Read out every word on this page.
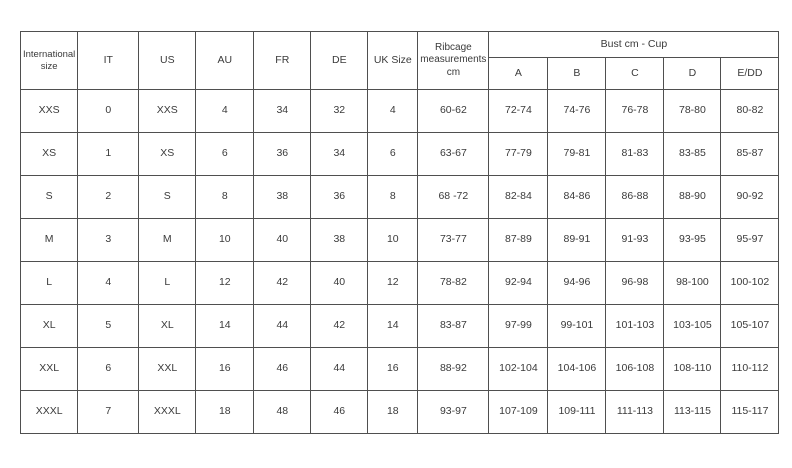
International size	IT	US	AU	FR	DE	UK Size	Ribcage measurements cm	Bust cm - Cup				
								A	B	C	D	E/DD
XXS	0	XXS	4	34	32	4	60-62	72-74	74-76	76-78	78-80	80-82
XS	1	XS	6	36	34	6	63-67	77-79	79-81	81-83	83-85	85-87
S	2	S	8	38	36	8	68 -72	82-84	84-86	86-88	88-90	90-92
M	3	M	10	40	38	10	73-77	87-89	89-91	91-93	93-95	95-97
L	4	L	12	42	40	12	78-82	92-94	94-96	96-98	98-100	100-102
XL	5	XL	14	44	42	14	83-87	97-99	99-101	101-103	103-105	105-107
XXL	6	XXL	16	46	44	16	88-92	102-104	104-106	106-108	108-110	110-112
XXXL	7	XXXL	18	48	46	18	93-97	107-109	109-111	111-113	113-115	115-117
